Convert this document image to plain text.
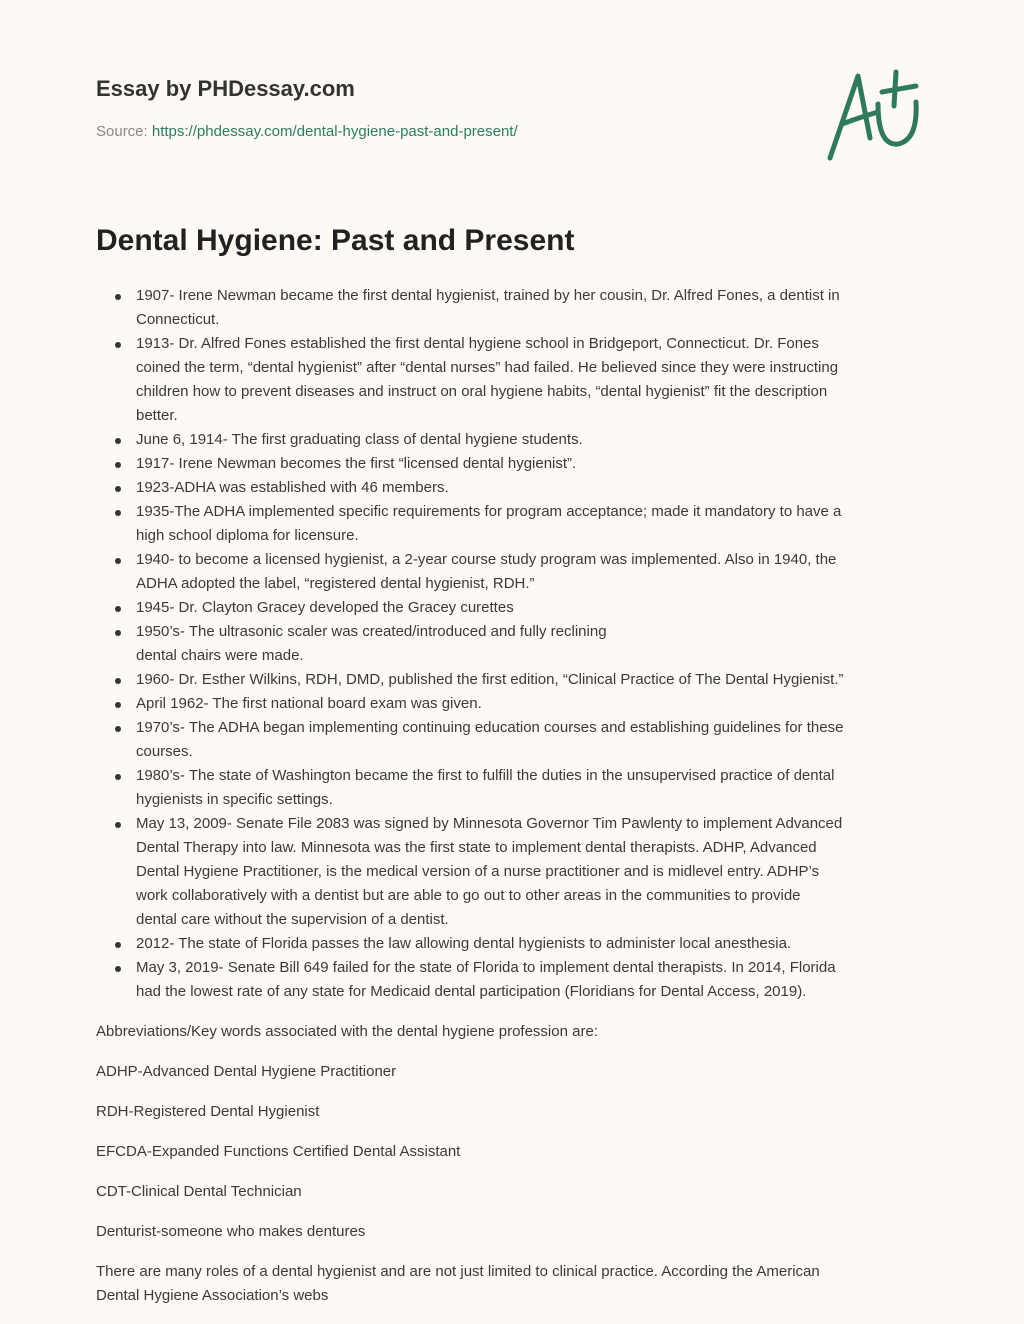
Essay by PHDessay.com
Source: https://phdessay.com/dental-hygiene-past-and-present/
Dental Hygiene: Past and Present
1907- Irene Newman became the first dental hygienist, trained by her cousin, Dr. Alfred Fones, a dentist in
Connecticut.
1913- Dr. Alfred Fones established the first dental hygiene school in Bridgeport, Connecticut. Dr. Fones
coined the term, “dental hygienist” after “dental nurses” had failed. He believed since they were instructing
children how to prevent diseases and instruct on oral hygiene habits, “dental hygienist” fit the description
better.
June 6, 1914- The first graduating class of dental hygiene students.
1917- Irene Newman becomes the first “licensed dental hygienist”.
1923-ADHA was established with 46 members.
1935-The ADHA implemented specific requirements for program acceptance; made it mandatory to have a
high school diploma for licensure.
1940- to become a licensed hygienist, a 2-year course study program was implemented. Also in 1940, the
ADHA adopted the label, “registered dental hygienist, RDH.”
1945- Dr. Clayton Gracey developed the Gracey curettes
1950’s- The ultrasonic scaler was created/introduced and fully reclining
dental chairs were made.
1960- Dr. Esther Wilkins, RDH, DMD, published the first edition, “Clinical Practice of The Dental Hygienist.”
April 1962- The first national board exam was given.
1970’s- The ADHA began implementing continuing education courses and establishing guidelines for these
courses.
1980’s- The state of Washington became the first to fulfill the duties in the unsupervised practice of dental
hygienists in specific settings.
May 13, 2009- Senate File 2083 was signed by Minnesota Governor Tim Pawlenty to implement Advanced
Dental Therapy into law. Minnesota was the first state to implement dental therapists. ADHP, Advanced
Dental Hygiene Practitioner, is the medical version of a nurse practitioner and is midlevel entry. ADHP’s
work collaboratively with a dentist but are able to go out to other areas in the communities to provide
dental care without the supervision of a dentist.
2012- The state of Florida passes the law allowing dental hygienists to administer local anesthesia.
May 3, 2019- Senate Bill 649 failed for the state of Florida to implement dental therapists. In 2014, Florida
had the lowest rate of any state for Medicaid dental participation (Floridians for Dental Access, 2019).

Abbreviations/Key words associated with the dental hygiene profession are:

ADHP-Advanced Dental Hygiene Practitioner

RDH-Registered Dental Hygienist

EFCDA-Expanded Functions Certified Dental Assistant

CDT-Clinical Dental Technician

Denturist-someone who makes dentures

There are many roles of a dental hygienist and are not just limited to clinical practice. According the American
Dental Hygiene Association’s webs
